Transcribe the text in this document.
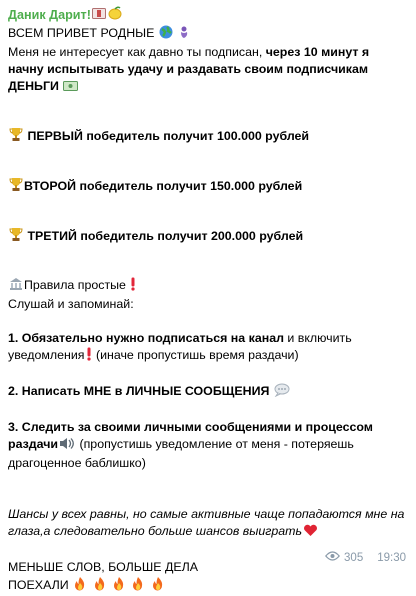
Даник Дарит!
ВСЕМ ПРИВЕТ РОДНЫЕ
Меня не интересует как давно ты подписан, через 10 минут я
начну испытывать удачу и раздавать своим подписчикам
ДЕНЬГИ
ПЕРВЫЙ победитель получит 100.000 рублей
ВТОРОЙ победитель получит 150.000 рублей
ТРЕТИЙ победитель получит 200.000 рублей
Правила простые
Слушай и запоминай:
1. Обязательно нужно подписаться на канал и включить
уведомления (иначе пропустишь время раздачи)
2. Написать МНЕ в ЛИЧНЫЕ СООБЩЕНИЯ
3. Следить за своими личными сообщениями и процессом
раздачи (пропустишь уведомление от меня - потеряешь
драгоценное баблишко)
Шансы у всех равны, но самые активные чаще попадаются мне на
глаза,а следовательно больше шансов выиграть
МЕНЬШЕ СЛОВ, БОЛЬШЕ ДЕЛА
ПОЕХАЛИ
305 19:30
